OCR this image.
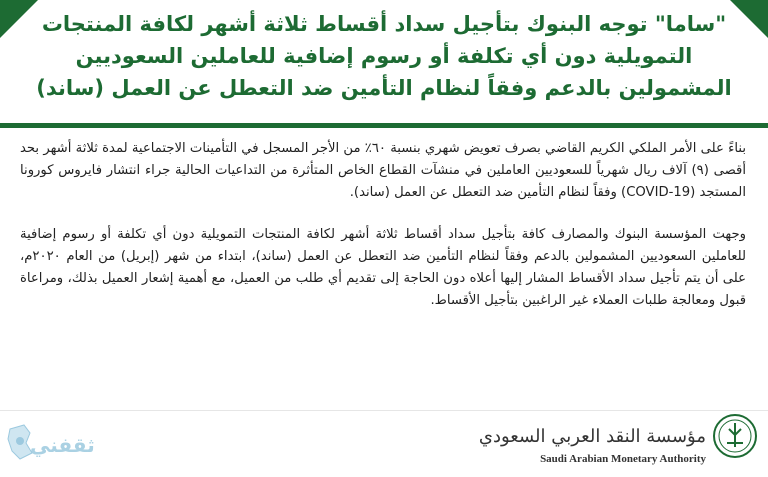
"ساما" توجه البنوك بتأجيل سداد أقساط ثلاثة أشهر لكافة المنتجات التمويلية دون أي تكلفة أو رسوم إضافية للعاملين السعوديين المشمولين بالدعم وفقاً لنظام التأمين ضد التعطل عن العمل (ساند)

بناءً على الأمر الملكي الكريم القاضي بصرف تعويض شهري بنسبة ٦٠٪ من الأجر المسجل في التأمينات الاجتماعية لمدة ثلاثة أشهر بحد أقصى (٩) آلاف ريال شهرياً للسعوديين العاملين في منشآت القطاع الخاص المتأثرة من التداعيات الحالية جراء انتشار فايروس كورونا المستجد (COVID-19) وفقاً لنظام التأمين ضد التعطل عن العمل (ساند).

وجهت المؤسسة البنوك والمصارف كافة بتأجيل سداد أقساط ثلاثة أشهر لكافة المنتجات التمويلية دون أي تكلفة أو رسوم إضافية للعاملين السعوديين المشمولين بالدعم وفقاً لنظام التأمين ضد التعطل عن العمل (ساند)، ابتداء من شهر (إبريل) من العام ٢٠٢٠م، على أن يتم تأجيل سداد الأقساط المشار إليها أعلاه دون الحاجة إلى تقديم أي طلب من العميل، مع أهمية إشعار العميل بذلك، ومراعاة قبول ومعالجة طلبات العملاء غير الراغبين بتأجيل الأقساط.

ثقفني	مؤسسة النقد العربي السعودي
Saudi Arabian Monetary Authority
